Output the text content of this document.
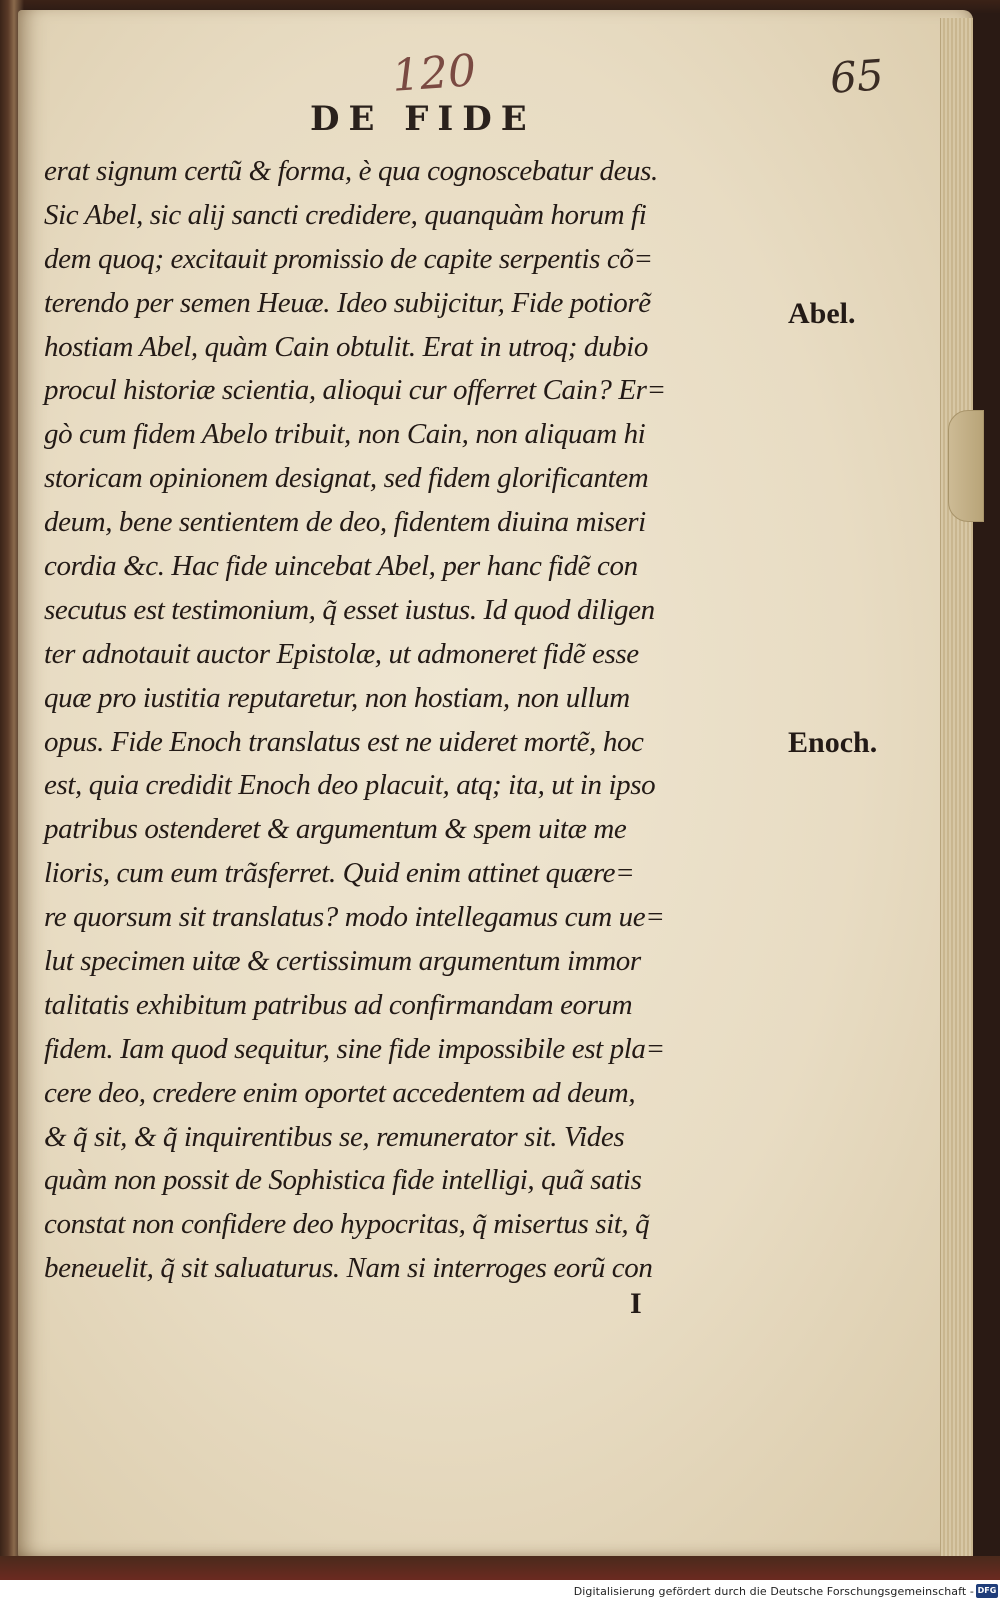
120	65
DE FIDE
erat signum certũ & forma, è qua cognoscebatur deus.
Sic Abel, sic alij sancti credidere, quanquàm horum fi
dem quoq; excitauit promissio de capite serpentis cõ=
terendo per semen Heuæ. Ideo subijcitur, Fide potiorẽ
hostiam Abel, quàm Cain obtulit. Erat in utroq; dubio
procul historiæ scientia, alioqui cur offerret Cain? Er=
gò cum fidem Abelo tribuit, non Cain, non aliquam hi
storicam opinionem designat, sed fidem glorificantem
deum, bene sentientem de deo, fidentem diuina miseri
cordia &c. Hac fide uincebat Abel, per hanc fidẽ con
secutus est testimonium, q̃ esset iustus. Id quod diligen
ter adnotauit auctor Epistolæ, ut admoneret fidẽ esse
quæ pro iustitia reputaretur, non hostiam, non ullum
opus. Fide Enoch translatus est ne uideret mortẽ, hoc
est, quia credidit Enoch deo placuit, atq; ita, ut in ipso
patribus ostenderet & argumentum & spem uitæ me
lioris, cum eum trãsferret. Quid enim attinet quære=
re quorsum sit translatus? modo intellegamus cum ue=
lut specimen uitæ & certissimum argumentum immor
talitatis exhibitum patribus ad confirmandam eorum
fidem. Iam quod sequitur, sine fide impossibile est pla=
cere deo, credere enim oportet accedentem ad deum,
& q̃ sit, & q̃ inquirentibus se, remunerator sit. Vides
quàm non possit de Sophistica fide intelligi, quã satis
constat non confidere deo hypocritas, q̃ misertus sit, q̃
beneuelit, q̃ sit saluaturus. Nam si interroges eorũ con
Abel.
Enoch.
I
Digitalisierung gefördert durch die Deutsche Forschungsgemeinschaft - DFG
